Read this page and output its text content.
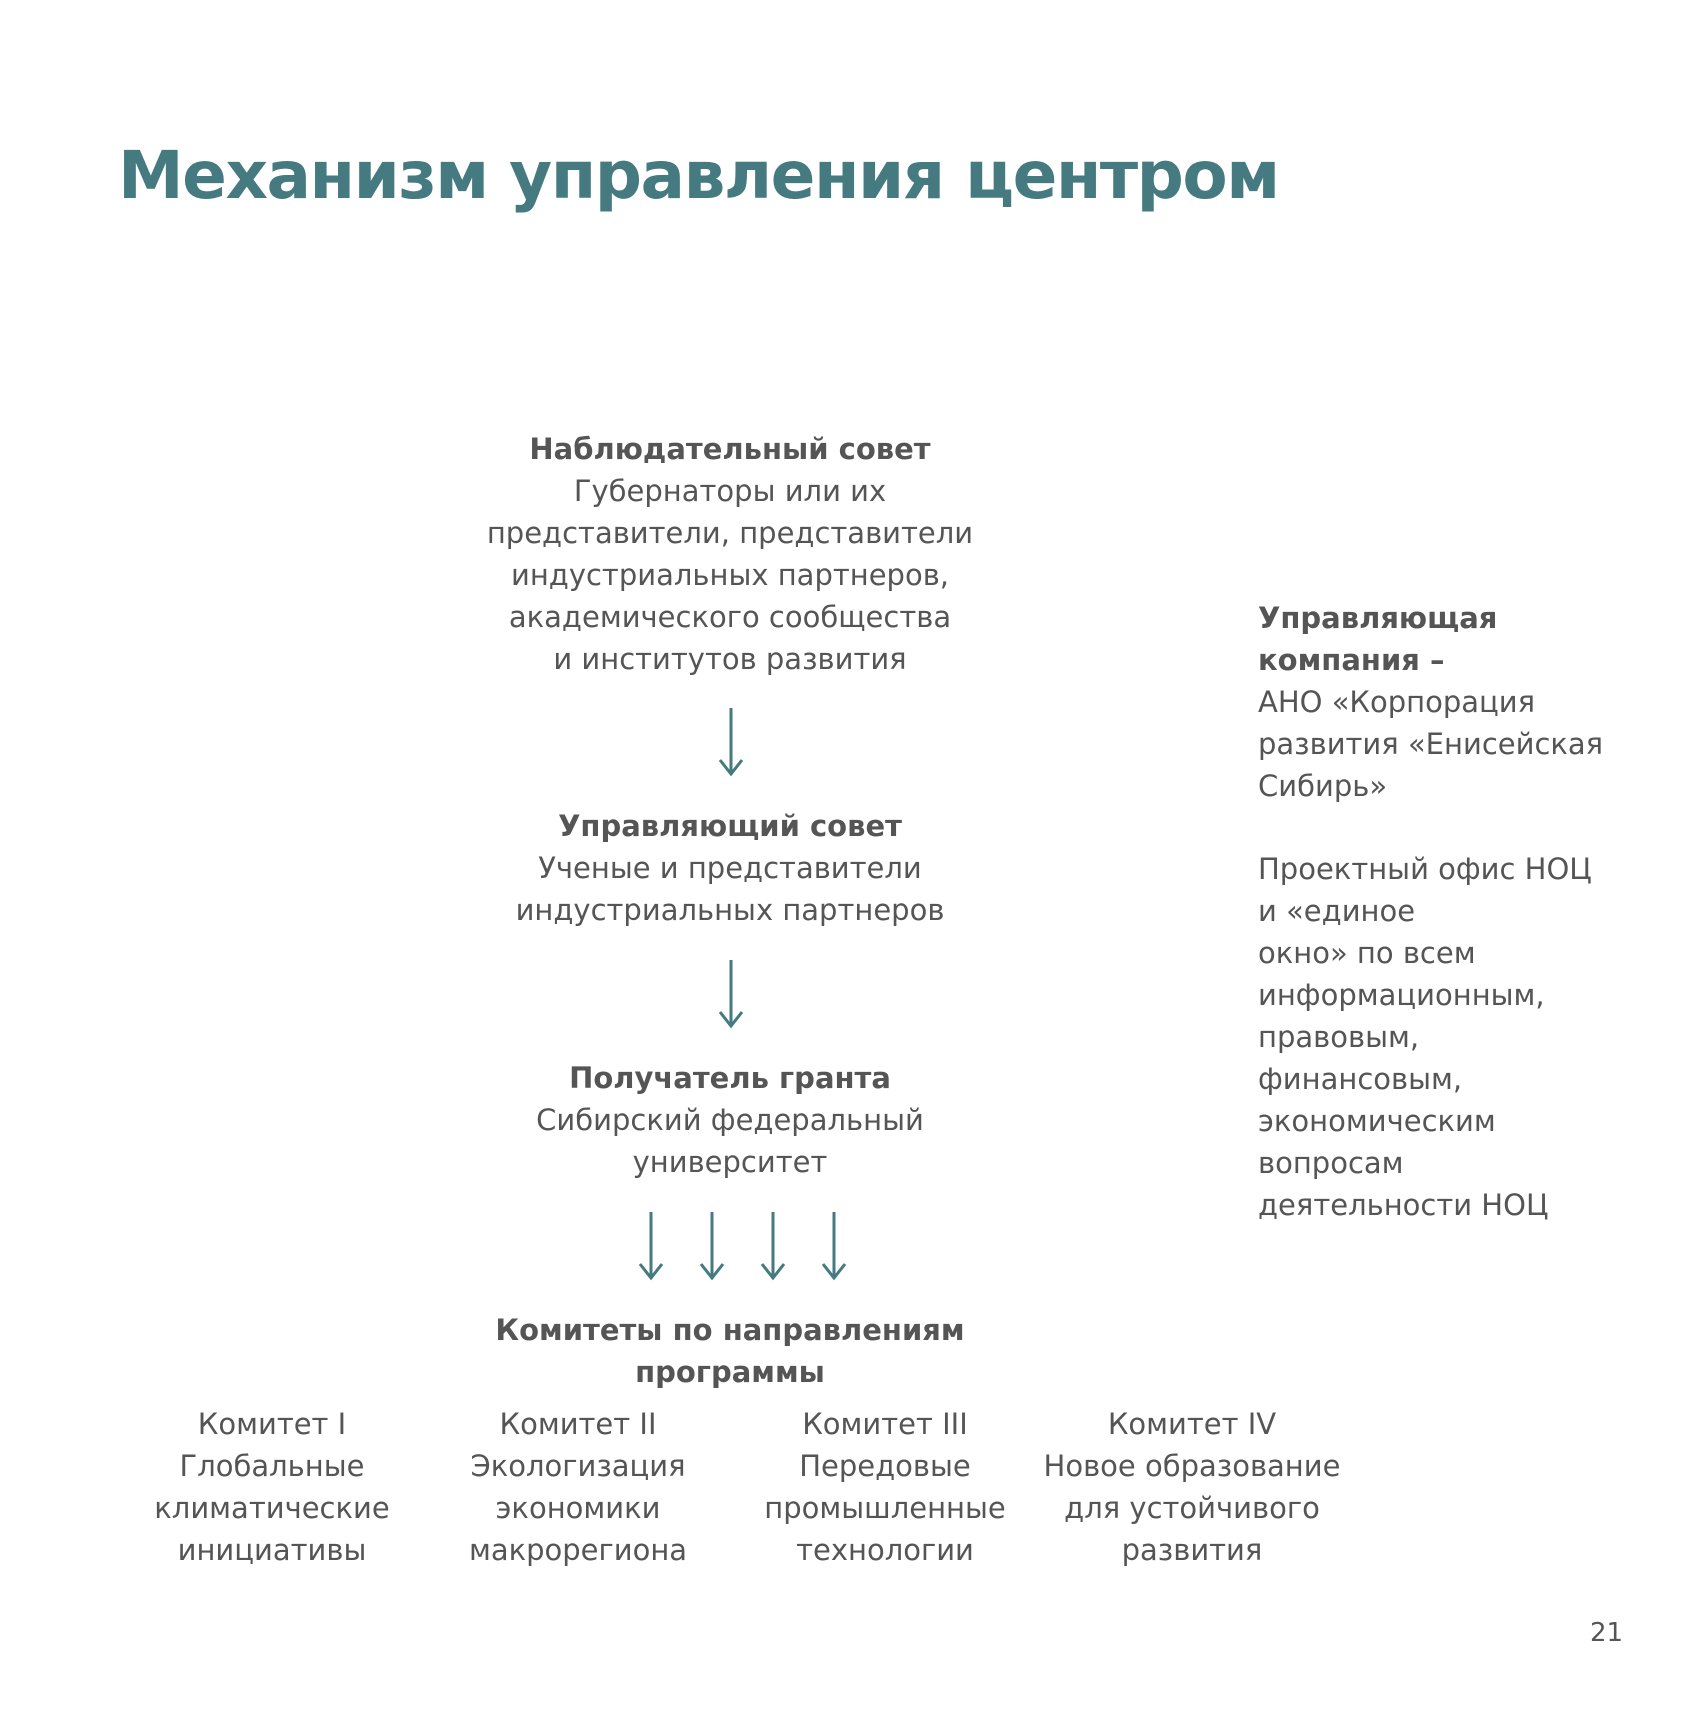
Механизм управления центром
Наблюдательный совет
Губернаторы или их
представители, представители
индустриальных партнеров,
академического сообщества
и институтов развития
Управляющий совет
Ученые и представители
индустриальных партнеров
Получатель гранта
Сибирский федеральный
университет
Комитеты по направлениям
программы
Комитет I
Глобальные
климатические
инициативы
Комитет II
Экологизация
экономики
макрорегиона
Комитет III
Передовые
промышленные
технологии
Комитет IV
Новое образование
для устойчивого
развития
Управляющая
компания –
АНО «Корпорация
развития «Енисейская
Сибирь»
Проектный офис НОЦ
и «единое
окно» по всем
информационным,
правовым,
финансовым,
экономическим
вопросам
деятельности НОЦ
21
